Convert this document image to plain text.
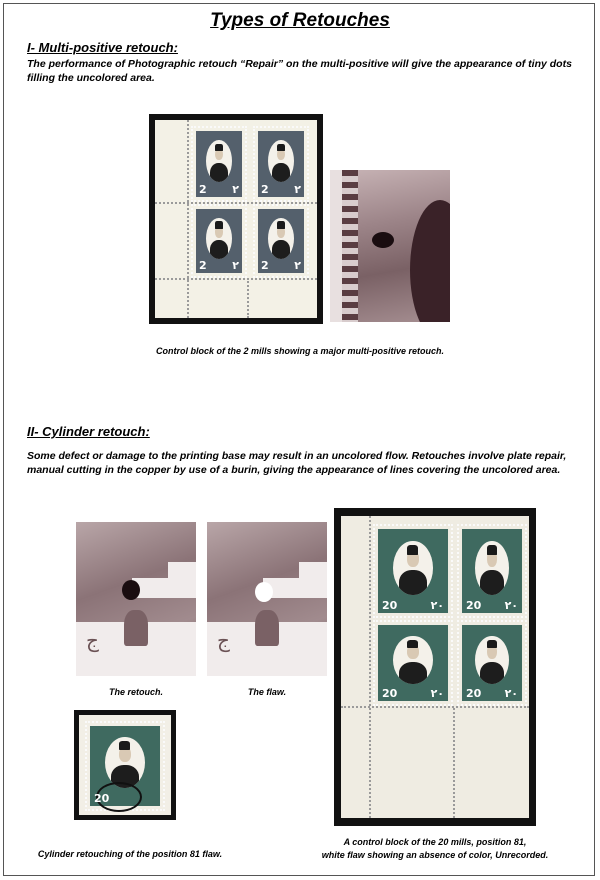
Types of Retouches
I- Multi-positive retouch:
The performance of Photographic retouch “Repair” on the multi-positive will give the appearance of tiny dots filling the uncolored area.
2 ٢ 2 ٢
2 ٢ 2 ٢
Control block of the 2 mills showing a major multi-positive retouch.
II- Cylinder retouch:
Some defect or damage to the printing base may result in an uncolored flow. Retouches involve plate repair, manual cutting in the copper by use of a burin, giving the appearance of lines covering the uncolored area.
ج
The retouch.
ج
The flaw.
20	٢٠ 20 ٢٠
20	٢٠ 20 ٢٠
20
Cylinder retouching of the position 81 flaw.
A control block of the 20 mills, position 81,
white flaw showing an absence of color, Unrecorded.
